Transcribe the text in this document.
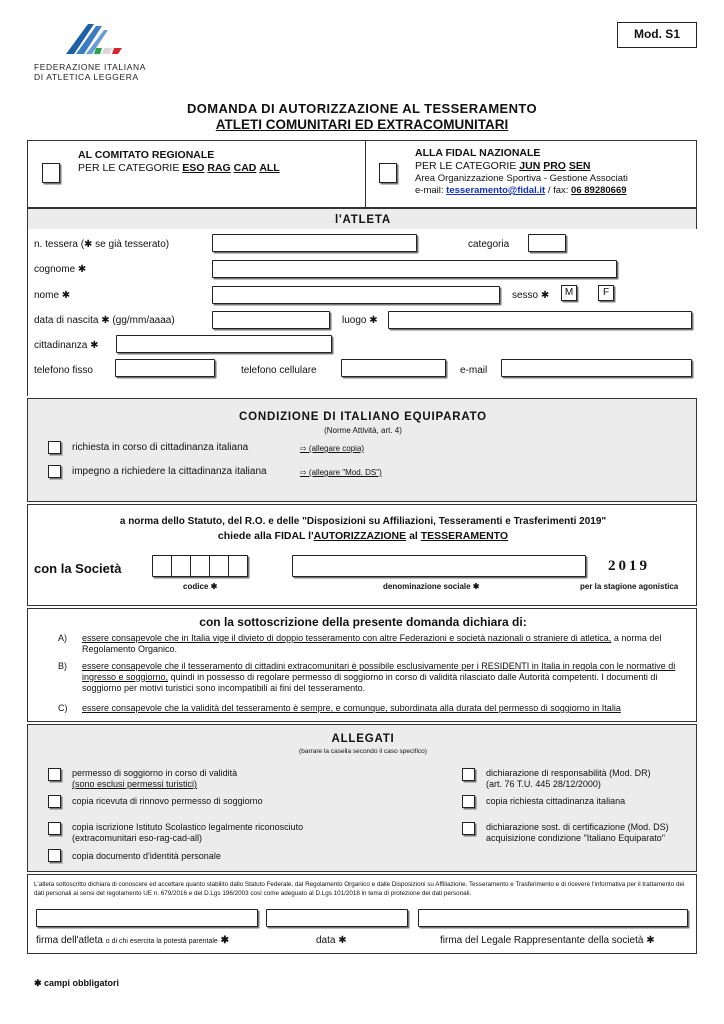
FEDERAZIONE ITALIANA
DI ATLETICA LEGGERA
Mod. S1
DOMANDA DI AUTORIZZAZIONE AL TESSERAMENTO
ATLETI COMUNITARI ED EXTRACOMUNITARI
AL COMITATO REGIONALE
PER LE CATEGORIE ESO RAG CAD ALL
ALLA FIDAL NAZIONALE
PER LE CATEGORIE JUN PRO SEN
Area Organizzazione Sportiva - Gestione Associati
e-mail: tesseramento@fidal.it / fax: 06 89280669
l'ATLETA
n. tessera (✱ se già tesserato)	categoria
cognome ✱
nome ✱	sesso ✱	M	F
data di nascita ✱ (gg/mm/aaaa)	luogo ✱
cittadinanza ✱
telefono fisso	telefono cellulare	e-mail
CONDIZIONE DI ITALIANO EQUIPARATO
(Norme Attività, art. 4)
richiesta in corso di cittadinanza italiana	⇨ (allegare copia)
impegno a richiedere la cittadinanza italiana	⇨ (allegare "Mod. DS")
a norma dello Statuto, del R.O. e delle "Disposizioni su Affiliazioni, Tesseramenti e Trasferimenti 2019"
chiede alla FIDAL l'AUTORIZZAZIONE al TESSERAMENTO
con la Società
codice ✱	denominazione sociale ✱
2019
per la stagione agonistica
con la sottoscrizione della presente domanda dichiara di:
A) essere consapevole che in Italia vige il divieto di doppio tesseramento con altre Federazioni e società nazionali o straniere di atletica, a norma del Regolamento Organico.
B) essere consapevole che il tesseramento di cittadini extracomunitari è possibile esclusivamente per i RESIDENTI in Italia in regola con le normative di ingresso e soggiorno, quindi in possesso di regolare permesso di soggiorno in corso di validità rilasciato dalle Autorità competenti. I documenti di soggiorno per motivi turistici sono incompatibili ai fini del tesseramento.
C) essere consapevole che la validità del tesseramento è sempre, e comunque, subordinata alla durata del permesso di soggiorno in Italia
ALLEGATI
(barrare la casella secondo il caso specifico)
permesso di soggiorno in corso di validità
(sono esclusi permessi turistici)
copia ricevuta di rinnovo permesso di soggiorno
copia iscrizione Istituto Scolastico legalmente riconosciuto
(extracomunitari eso-rag-cad-all)
copia documento d'identità personale
dichiarazione di responsabilità (Mod. DR)
(art. 76 T.U. 445 28/12/2000)
copia richiesta cittadinanza italiana
dichiarazione sost. di certificazione (Mod. DS)
acquisizione condizione "Italiano Equiparato"
L'atleta sottoscritto dichiara di conoscere ed accettare quanto stabilito dallo Statuto Federale, dal Regolamento Organico e dalle Disposizioni su Affiliazione, Tesseramento e Trasferimento e di ricevere l'informativa per il trattamento dei dati personali ai sensi del regolamento UE n. 679/2016 e del D.Lgs 196/2003 così come adeguato al D.Lgs 101/2018 in tema di protezione dei dati personali.
firma dell'atleta o di chi esercita la potestà parentale ✱	data ✱	firma del Legale Rappresentante della società ✱
✱ campi obbligatori
